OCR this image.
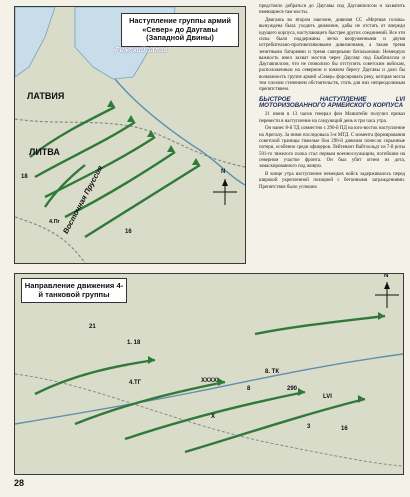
Наступление группы армий «Север» до Даугавы (Западной Двины)
Рижский залив
ЛАТВИЯ
ЛИТВА
Восточная Пруссия
18
16
4.Пг
N

предстояло добраться до Даугавы под Даугавпилсом и захватить имеющиеся там мосты.

Двигаясь во втором эшелоне, дивизия СС «Мертвая голова» вынуждена была уходить движение, дабы не отстать от впереди идущего корпуса, наступающего быстрее других соединений. Все эти силы были поддержаны легко вооруженными и двумя истребительно-противотанковыми дивизионами, а также тремя зенитными батареями и тремя саперными батальонами. Немецкую важность имел захват мостов через Даугаву под Екабпилсом и Даугавпилсом, что не позволило бы отступить советским войскам, расположенным на северном и южном берегу Даугавы и дало бы возможность группе армий «Север» форсировать реку, которая могла тем плохим стечением обстоятельств, стать для них непреодолимым препятствием.

БЫСТРОЕ НАСТУПЛЕНИЕ LVI МОТОРИЗОВАННОГО АРМЕЙСКОГО КОРПУСА

21 июня в 13 часов генерал фон Манштейн получил приказ перевести в наступление на следующий день в три часа утра.

Он нанес 8-й ТД совместно с 290-й ПД на юго-восток наступление на Арегалу. За ними последовала 3-я МТД. С момента формирования советской границы тяжелые бои 290-й дивизии понесли серьезные потери, особенно среди офицеров. Лейтенант Вайтхольдт из 7-й роты 501-го тяжелого полка стал первым военнослужащим, погибшим на северном участке фронта. Он был убит огнем из дота, замаскированного под живую.

В конце утра наступление немецких войск задерживалось перед широкой укрепленной позицией с бетонными заграждениями. Препятствие было успешно

Направление движения 4-й танковой группы
21
1. 18
4.ТГ	XXXXI
8. ТК
290
LVI
16
8
3
X
N
28
